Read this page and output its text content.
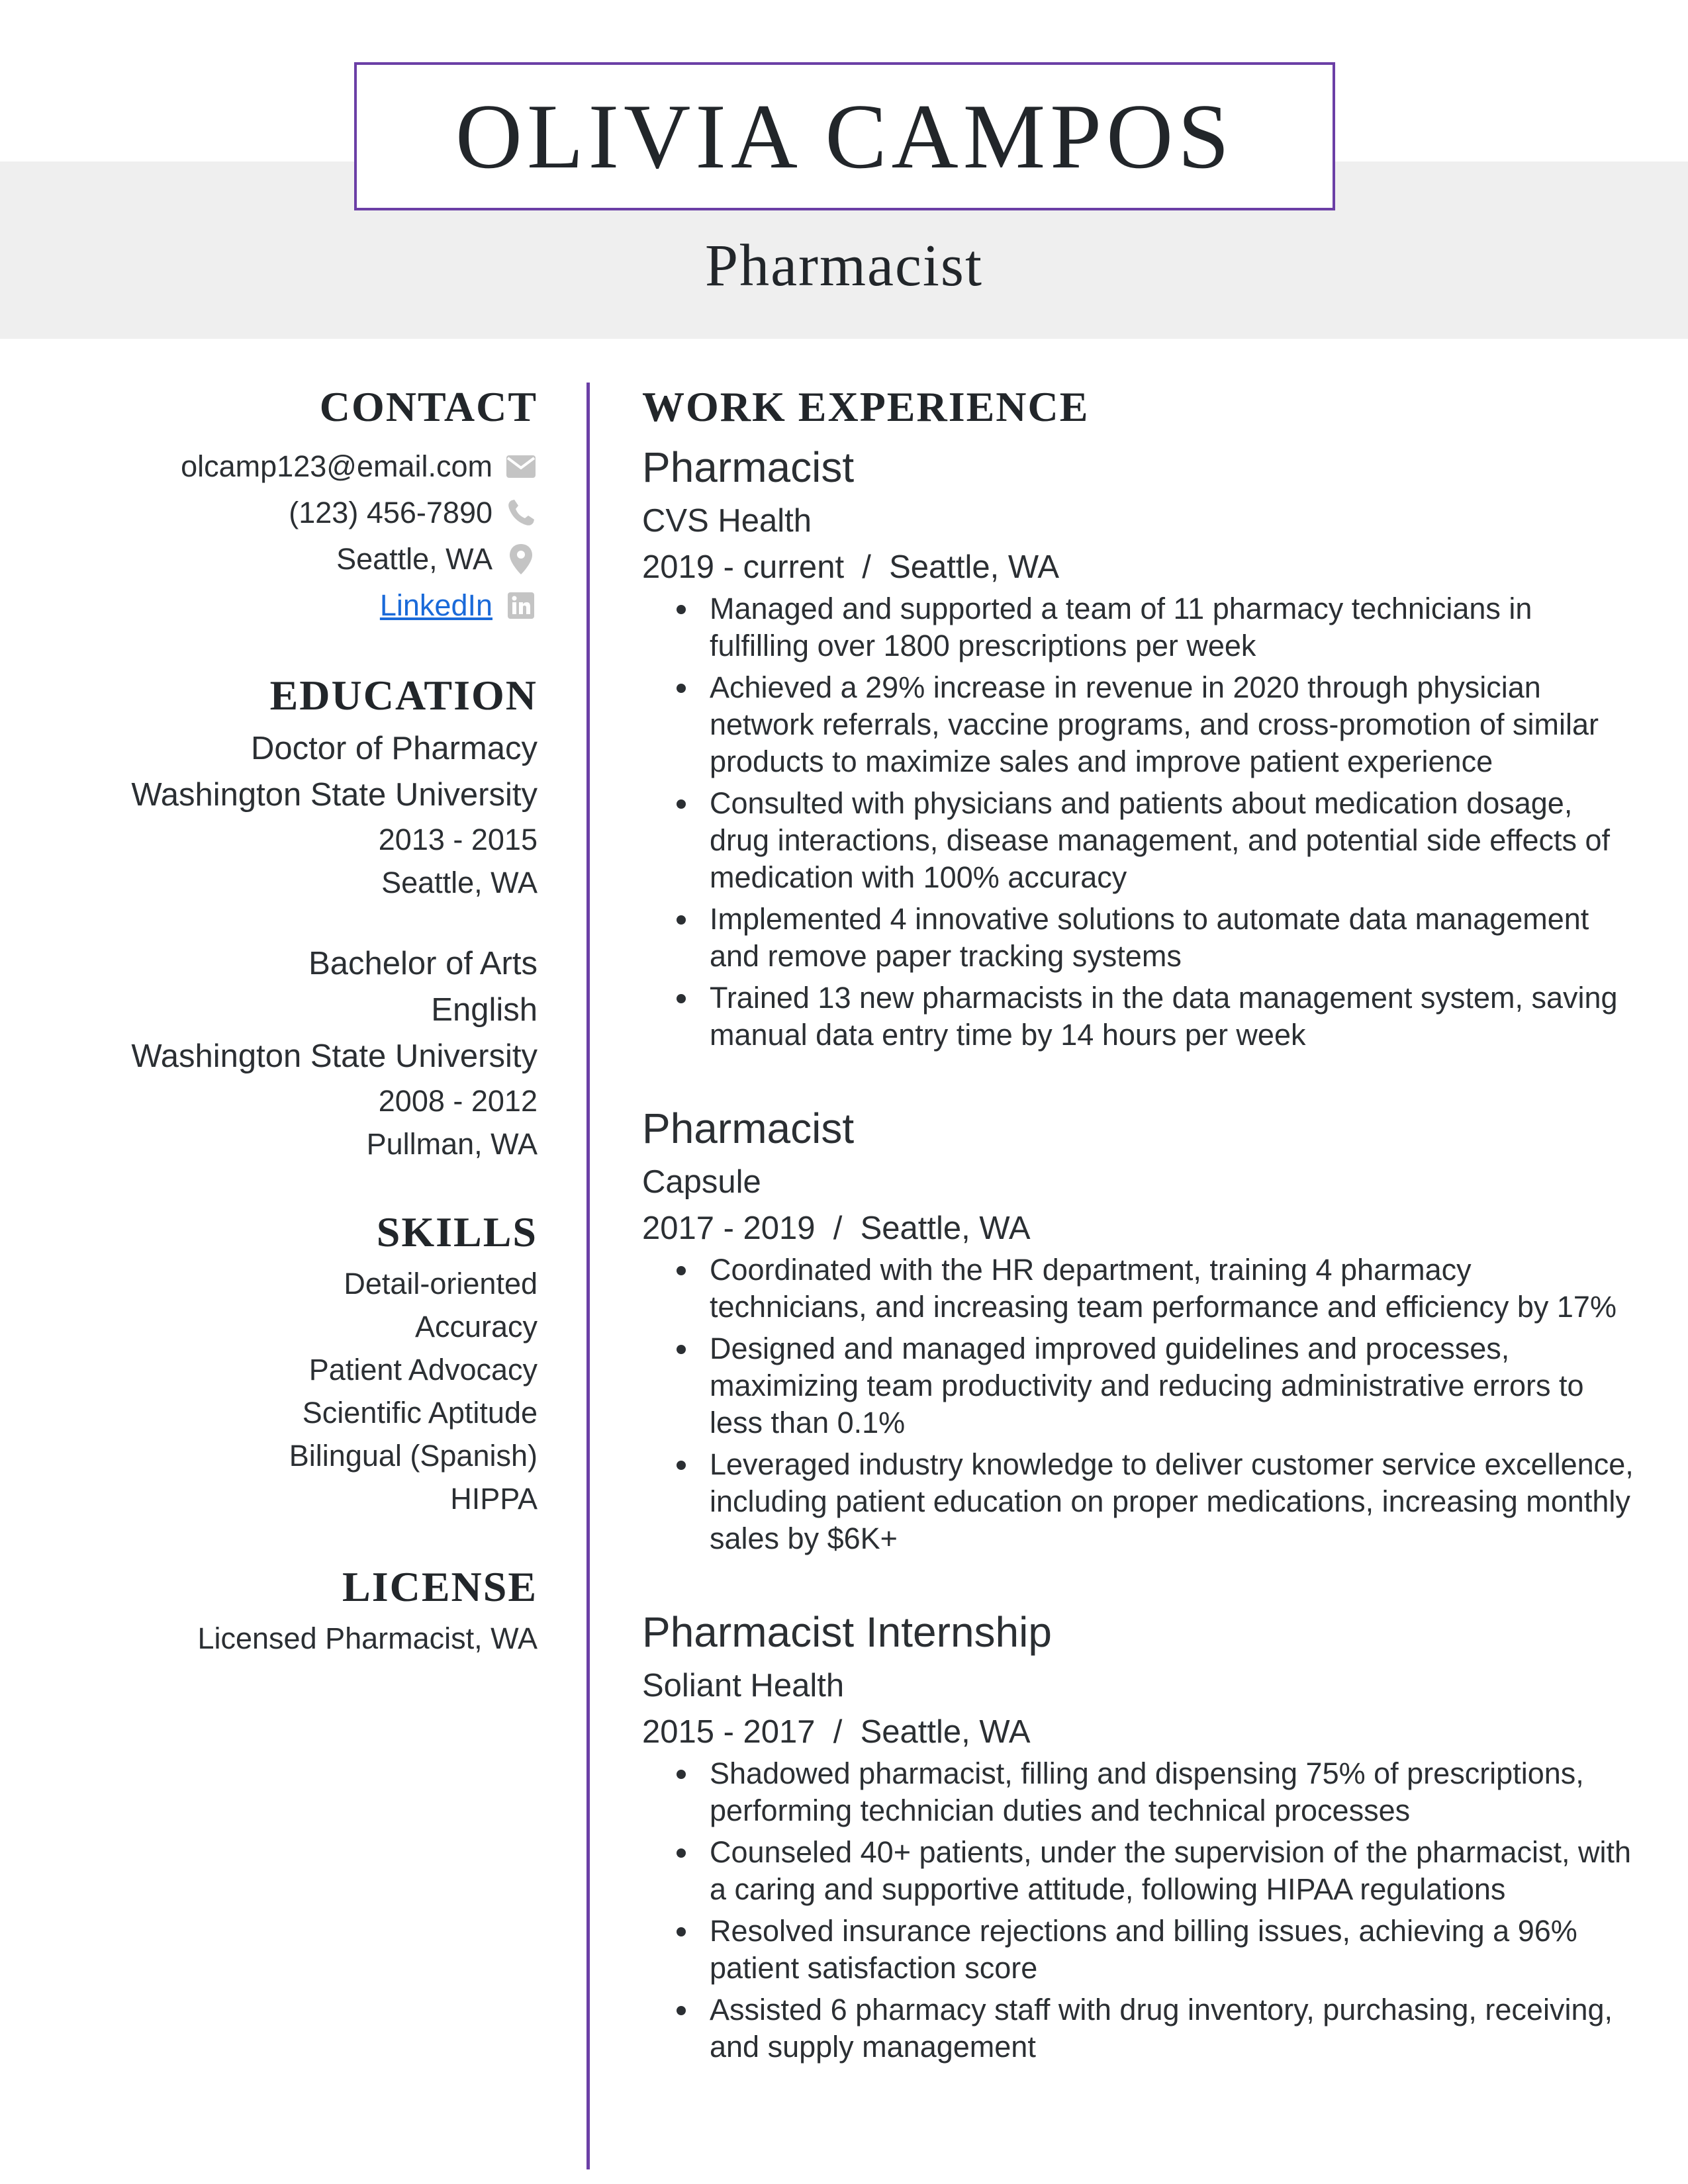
OLIVIA CAMPOS
Pharmacist
CONTACT
olcamp123@email.com
(123) 456-7890
Seattle, WA
LinkedIn
EDUCATION
Doctor of Pharmacy
Washington State University
2013 - 2015
Seattle, WA
Bachelor of Arts
English
Washington State University
2008 - 2012
Pullman, WA
SKILLS
Detail-oriented
Accuracy
Patient Advocacy
Scientific Aptitude
Bilingual (Spanish)
HIPPA
LICENSE
Licensed Pharmacist, WA
WORK EXPERIENCE
Pharmacist
CVS Health
2019 - current  /  Seattle, WA
Managed and supported a team of 11 pharmacy technicians in fulfilling over 1800 prescriptions per week
Achieved a 29% increase in revenue in 2020 through physician network referrals, vaccine programs, and cross-promotion of similar products to maximize sales and improve patient experience
Consulted with physicians and patients about medication dosage, drug interactions, disease management, and potential side effects of medication with 100% accuracy
Implemented 4 innovative solutions to automate data management and remove paper tracking systems
Trained 13 new pharmacists in the data management system, saving manual data entry time by 14 hours per week
Pharmacist
Capsule
2017 - 2019  /  Seattle, WA
Coordinated with the HR department, training 4 pharmacy technicians, and increasing team performance and efficiency by 17%
Designed and managed improved guidelines and processes, maximizing team productivity and reducing administrative errors to less than 0.1%
Leveraged industry knowledge to deliver customer service excellence, including patient education on proper medications, increasing monthly sales by $6K+
Pharmacist Internship
Soliant Health
2015 - 2017  /  Seattle, WA
Shadowed pharmacist, filling and dispensing 75% of prescriptions, performing technician duties and technical processes
Counseled 40+ patients, under the supervision of the pharmacist, with a caring and supportive attitude, following HIPAA regulations
Resolved insurance rejections and billing issues, achieving a 96% patient satisfaction score
Assisted 6 pharmacy staff with drug inventory, purchasing, receiving, and supply management
